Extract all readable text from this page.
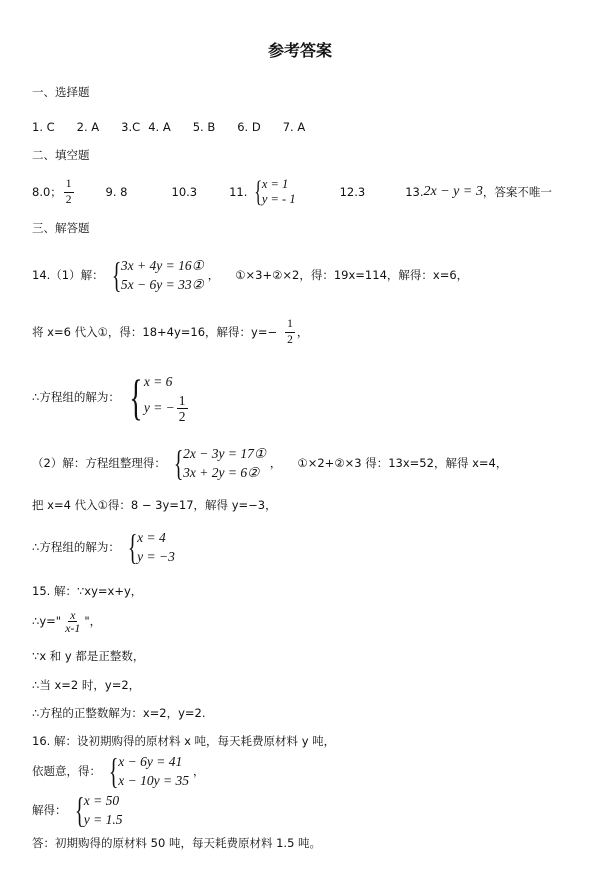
参考答案
一、选择题
1. C 2. A 3.C 4. A 5. B 6. D 7. A
二、填空题
8.0； $\frac{1}{2}$	9. 8	10.3	11. { x = 1
y = - 1	12.3	13. 2x − y = 3 ，答案不唯一
三、解答题
14.（1）解： { 3x + 4y = 16①
5x − 6y = 33②
， ①×3+②×2，得：19x=114，解得：x=6，
将 x=6 代入①，得：18+4y=16，解得：$y=- \frac{1}{2}$ ，
∴方程组的解为： { x = 6
y = − $\frac{1}{2}$
（2）解：方程组整理得： { 2x − 3y = 17①
3x + 2y = 6②
， ①×2+②×3 得：13x=52，解得 x=4，
把 x=4 代入①得：8 − 3y=17，解得 y=−3，
∴方程组的解为： { x = 4
y = −3
15. 解：∵xy=x+y，
∴y=" $\frac{x}{x-1}$ "，
∵x 和 y 都是正整数，
∴当 x=2 时，y=2，
∴方程的正整数解为：x=2，y=2.
16. 解：设初期购得的原材料 x 吨，每天耗费原材料 y 吨，
依题意，得： { x − 6y = 41
x − 10y = 35
，
解得： { x = 50
y = 1.5
答：初期购得的原材料 50 吨，每天耗费原材料 1.5 吨。
